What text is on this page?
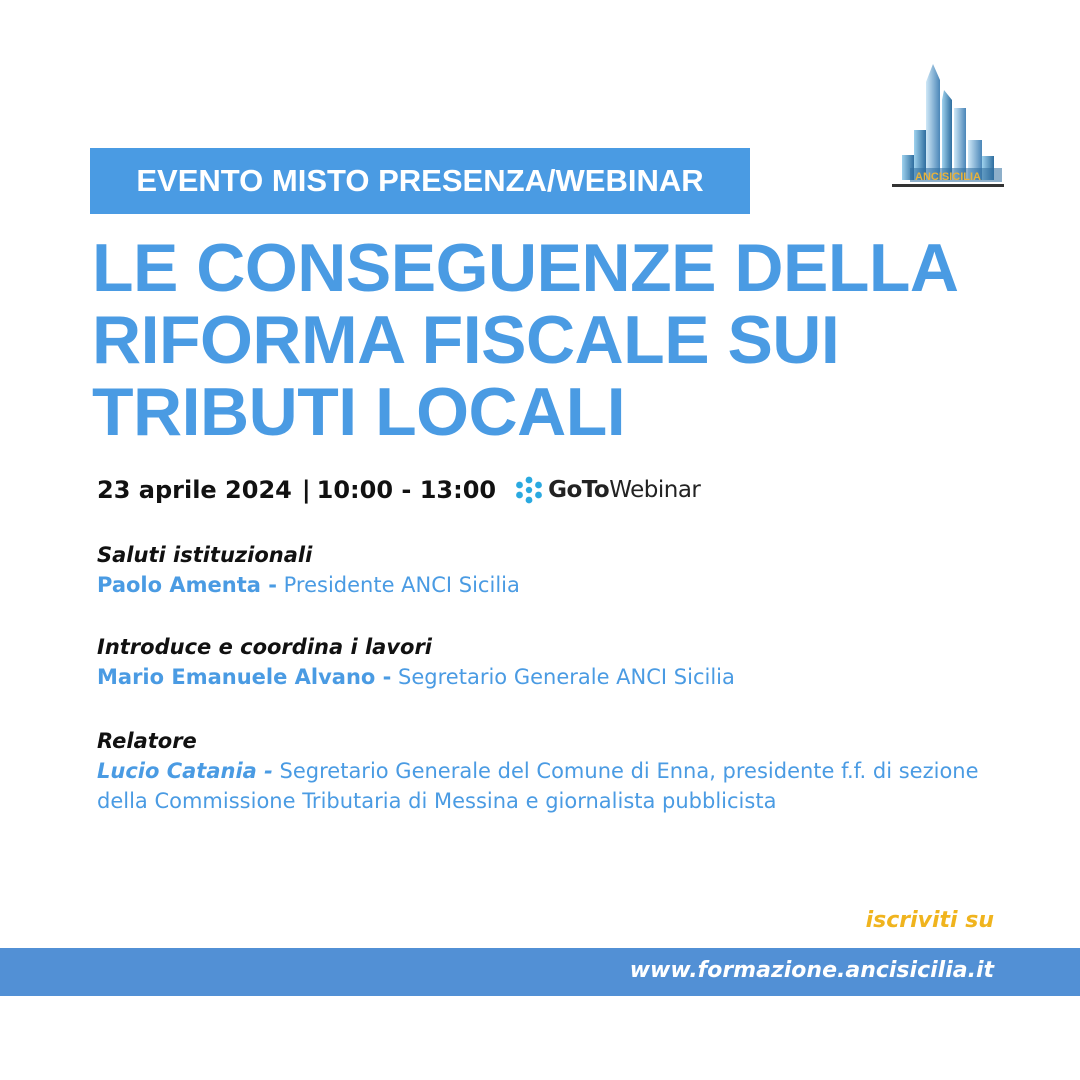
ANCISICILIA
EVENTO MISTO PRESENZA/WEBINAR
LE CONSEGUENZE DELLA
RIFORMA FISCALE SUI
TRIBUTI LOCALI
23 aprile 2024 | 10:00 - 13:00 GoTo Webinar
Saluti istituzionali
Paolo Amenta - Presidente ANCI Sicilia
Introduce e coordina i lavori
Mario Emanuele Alvano - Segretario Generale ANCI Sicilia
Relatore
Lucio Catania - Segretario Generale del Comune di Enna, presidente f.f. di sezione della Commissione Tributaria di Messina e giornalista pubblicista
iscriviti su
www.formazione.ancisicilia.it
